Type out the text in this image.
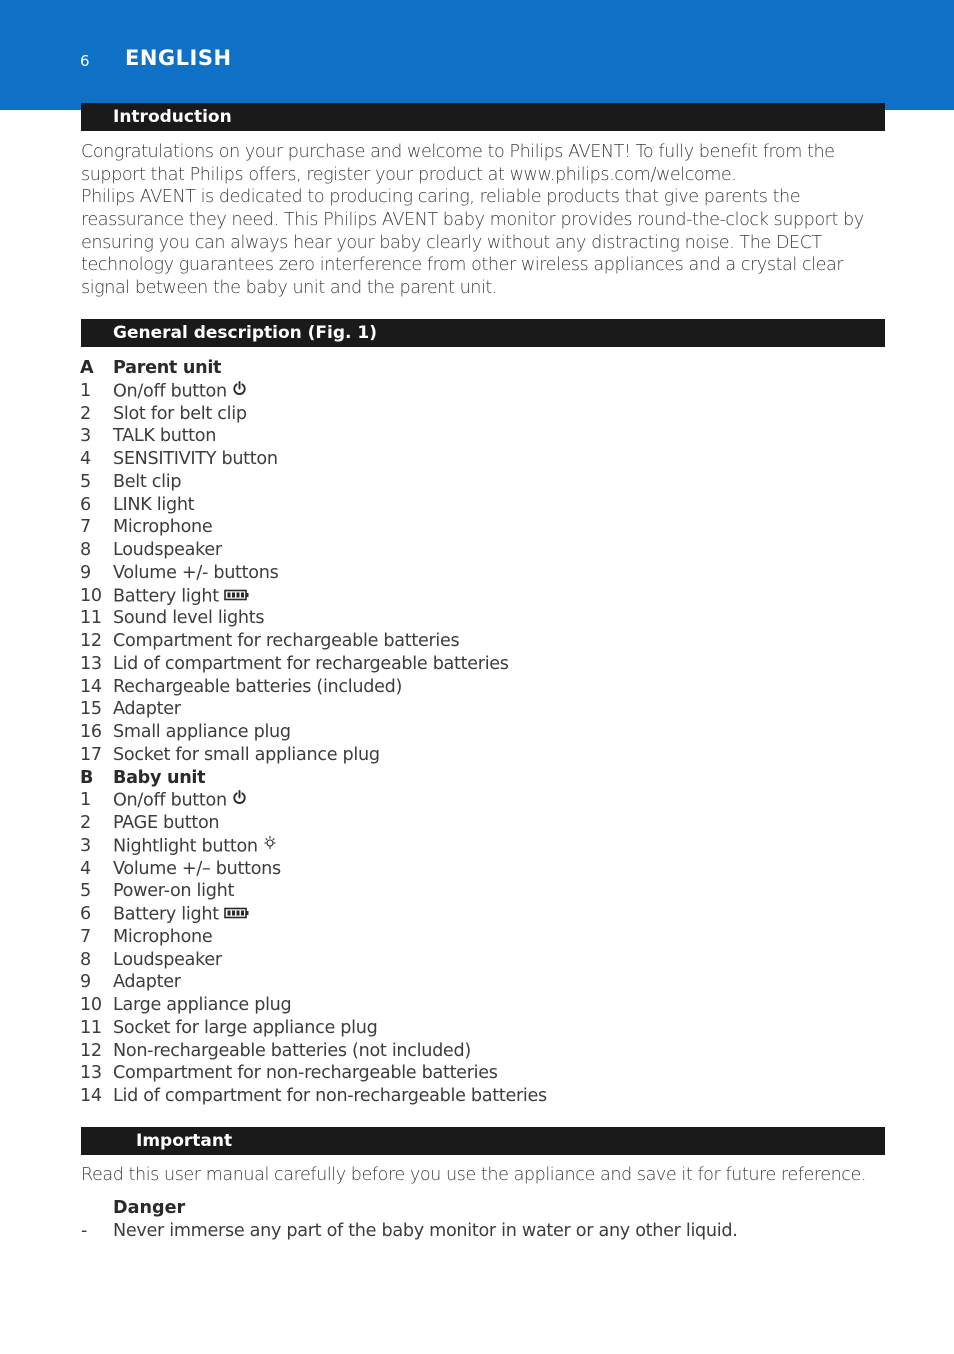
6 ENGLISH
Introduction

Congratulations on your purchase and welcome to Philips AVENT! To fully benefit from the support that Philips offers, register your product at www.philips.com/welcome.

Philips AVENT is dedicated to producing caring, reliable products that give parents the reassurance they need. This Philips AVENT baby monitor provides round-the-clock support by ensuring you can always hear your baby clearly without any distracting noise. The DECT technology guarantees zero interference from other wireless appliances and a crystal clear signal between the baby unit and the parent unit.

General description (Fig. 1)
A Parent unit
1 On/off button
2 Slot for belt clip
3 TALK button
4 SENSITIVITY button
5 Belt clip
6 LINK light
7 Microphone
8 Loudspeaker
9 Volume +/- buttons
10 Battery light
11 Sound level lights
12 Compartment for rechargeable batteries
13 Lid of compartment for rechargeable batteries
14 Rechargeable batteries (included)
15 Adapter
16 Small appliance plug
17 Socket for small appliance plug
B Baby unit
1 On/off button
2 PAGE button
3 Nightlight button
4 Volume +/– buttons
5 Power-on light
6 Battery light
7 Microphone
8 Loudspeaker
9 Adapter
10 Large appliance plug
11 Socket for large appliance plug
12 Non-rechargeable batteries (not included)
13 Compartment for non-rechargeable batteries
14 Lid of compartment for non-rechargeable batteries
Important

Read this user manual carefully before you use the appliance and save it for future reference.

Danger
- Never immerse any part of the baby monitor in water or any other liquid.
